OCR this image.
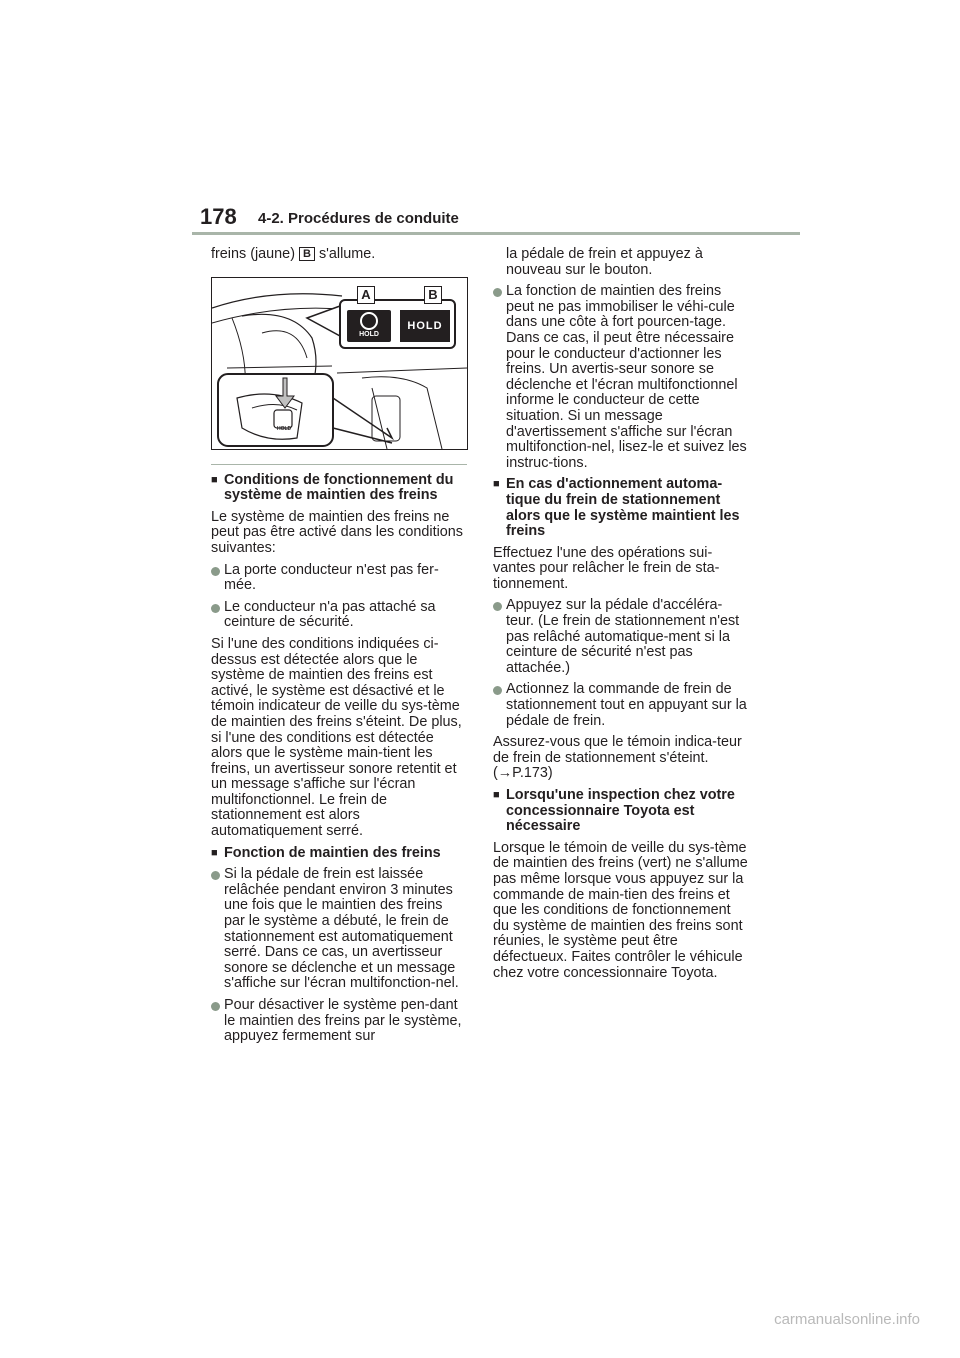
178 4-2. Procédures de conduite

freins (jaune) B s'allume.

A	B
HOLD
HOLD
HOLD
■ Conditions de fonctionnement du système de maintien des freins

Le système de maintien des freins ne peut pas être activé dans les conditions suivantes:

La porte conducteur n'est pas fer-mée.
Le conducteur n'a pas attaché sa ceinture de sécurité.

Si l'une des conditions indiquées ci-dessus est détectée alors que le système de maintien des freins est activé, le système est désactivé et le témoin indicateur de veille du sys-tème de maintien des freins s'éteint. De plus, si l'une des conditions est détectée alors que le système main-tient les freins, un avertisseur sonore retentit et un message s'affiche sur l'écran multifonctionnel. Le frein de stationnement est alors automatiquement serré.

■ Fonction de maintien des freins
Si la pédale de frein est laissée relâchée pendant environ 3 minutes une fois que le maintien des freins par le système a débuté, le frein de stationnement est automatiquement serré. Dans ce cas, un avertisseur sonore se déclenche et un message s'affiche sur l'écran multifonction-nel.
Pour désactiver le système pen-dant le maintien des freins par le système, appuyez fermement sur

la pédale de frein et appuyez à nouveau sur le bouton.

La fonction de maintien des freins peut ne pas immobiliser le véhi-cule dans une côte à fort pourcen-tage. Dans ce cas, il peut être nécessaire pour le conducteur d'actionner les freins. Un avertis-seur sonore se déclenche et l'écran multifonctionnel informe le conducteur de cette situation. Si un message d'avertissement s'affiche sur l'écran multifonction-nel, lisez-le et suivez les instruc-tions.
■ En cas d'actionnement automa-tique du frein de stationnement alors que le système maintient les freins

Effectuez l'une des opérations sui-vantes pour relâcher le frein de sta-tionnement.

Appuyez sur la pédale d'accéléra-teur. (Le frein de stationnement n'est pas relâché automatique-ment si la ceinture de sécurité n'est pas attachée.)
Actionnez la commande de frein de stationnement tout en appuyant sur la pédale de frein.

Assurez-vous que le témoin indica-teur de frein de stationnement s'éteint. (→P.173)

■ Lorsqu'une inspection chez votre concessionnaire Toyota est nécessaire

Lorsque le témoin de veille du sys-tème de maintien des freins (vert) ne s'allume pas même lorsque vous appuyez sur la commande de main-tien des freins et que les conditions de fonctionnement du système de maintien des freins sont réunies, le système peut être défectueux. Faites contrôler le véhicule chez votre concessionnaire Toyota.

carmanualsonline.info
